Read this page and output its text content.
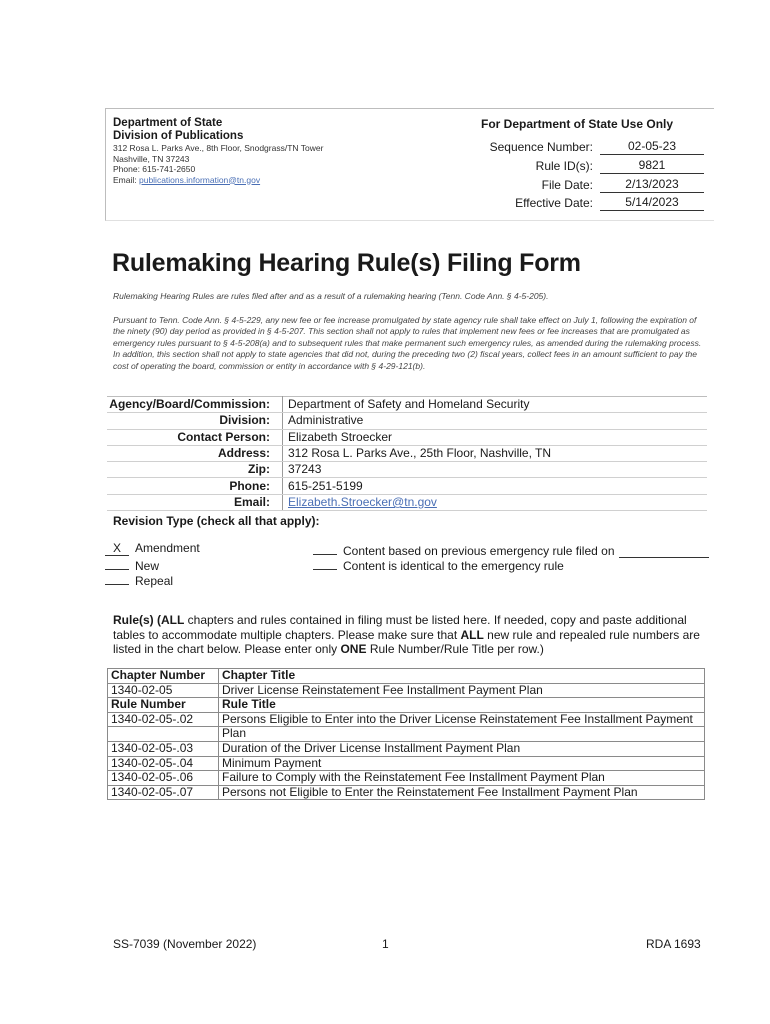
Department of State
Division of Publications
312 Rosa L. Parks Ave., 8th Floor, Snodgrass/TN Tower
Nashville, TN 37243
Phone: 615-741-2650
Email: publications.information@tn.gov
For Department of State Use Only
Sequence Number:	02-05-23
Rule ID(s):	9821
File Date:	2/13/2023
Effective Date:	5/14/2023
Rulemaking Hearing Rule(s) Filing Form
Rulemaking Hearing Rules are rules filed after and as a result of a rulemaking hearing (Tenn. Code Ann. § 4-5-205).
Pursuant to Tenn. Code Ann. § 4-5-229, any new fee or fee increase promulgated by state agency rule shall take effect on July 1, following the expiration of the ninety (90) day period as provided in § 4-5-207. This section shall not apply to rules that implement new fees or fee increases that are promulgated as emergency rules pursuant to § 4-5-208(a) and to subsequent rules that make permanent such emergency rules, as amended during the rulemaking process. In addition, this section shall not apply to state agencies that did not, during the preceding two (2) fiscal years, collect fees in an amount sufficient to pay the cost of operating the board, commission or entity in accordance with § 4-29-121(b).
Agency/Board/Commission:	Department of Safety and Homeland Security
Division:	Administrative
Contact Person:	Elizabeth Stroecker
Address:	312 Rosa L. Parks Ave., 25th Floor, Nashville, TN
Zip:	37243
Phone:	615-251-5199
Email:	Elizabeth.Stroecker@tn.gov
Revision Type (check all that apply):
X Amendment
New
Repeal
Content based on previous emergency rule filed on
Content is identical to the emergency rule
Rule(s) (ALL chapters and rules contained in filing must be listed here. If needed, copy and paste additional tables to accommodate multiple chapters. Please make sure that ALL new rule and repealed rule numbers are listed in the chart below. Please enter only ONE Rule Number/Rule Title per row.)
Chapter Number	Chapter Title
1340-02-05	Driver License Reinstatement Fee Installment Payment Plan
Rule Number	Rule Title
1340-02-05-.02	Persons Eligible to Enter into the Driver License Reinstatement Fee Installment Payment
	Plan
1340-02-05-.03	Duration of the Driver License Installment Payment Plan
1340-02-05-.04	Minimum Payment
1340-02-05-.06	Failure to Comply with the Reinstatement Fee Installment Payment Plan
1340-02-05-.07	Persons not Eligible to Enter the Reinstatement Fee Installment Payment Plan
SS-7039 (November 2022)	1	RDA 1693
